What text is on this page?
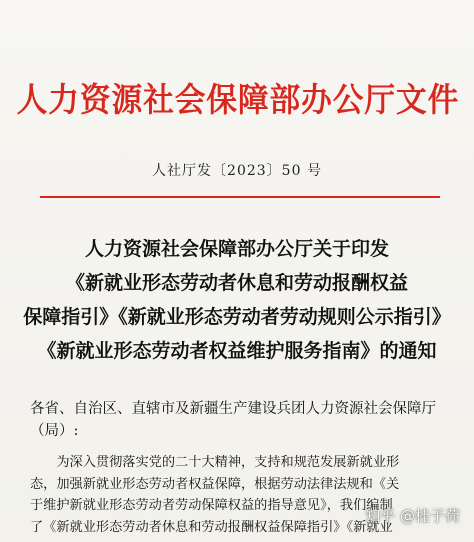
人力资源社会保障部办公厅文件
人社厅发〔2023〕50 号
人力资源社会保障部办公厅关于印发
《新就业形态劳动者休息和劳动报酬权益
保障指引》《新就业形态劳动者劳动规则公示指引》
《新就业形态劳动者权益维护服务指南》的通知
各省、自治区、直辖市及新疆生产建设兵团人力资源社会保障厅
（局）:
　　为深入贯彻落实党的二十大精神，支持和规范发展新就业形
态，加强新就业形态劳动者权益保障，根据劳动法律法规和《关
于维护新就业形态劳动者劳动保障权益的指导意见》，我们编制
了《新就业形态劳动者休息和劳动报酬权益保障指引》《新就业
知乎 @桂子荷
